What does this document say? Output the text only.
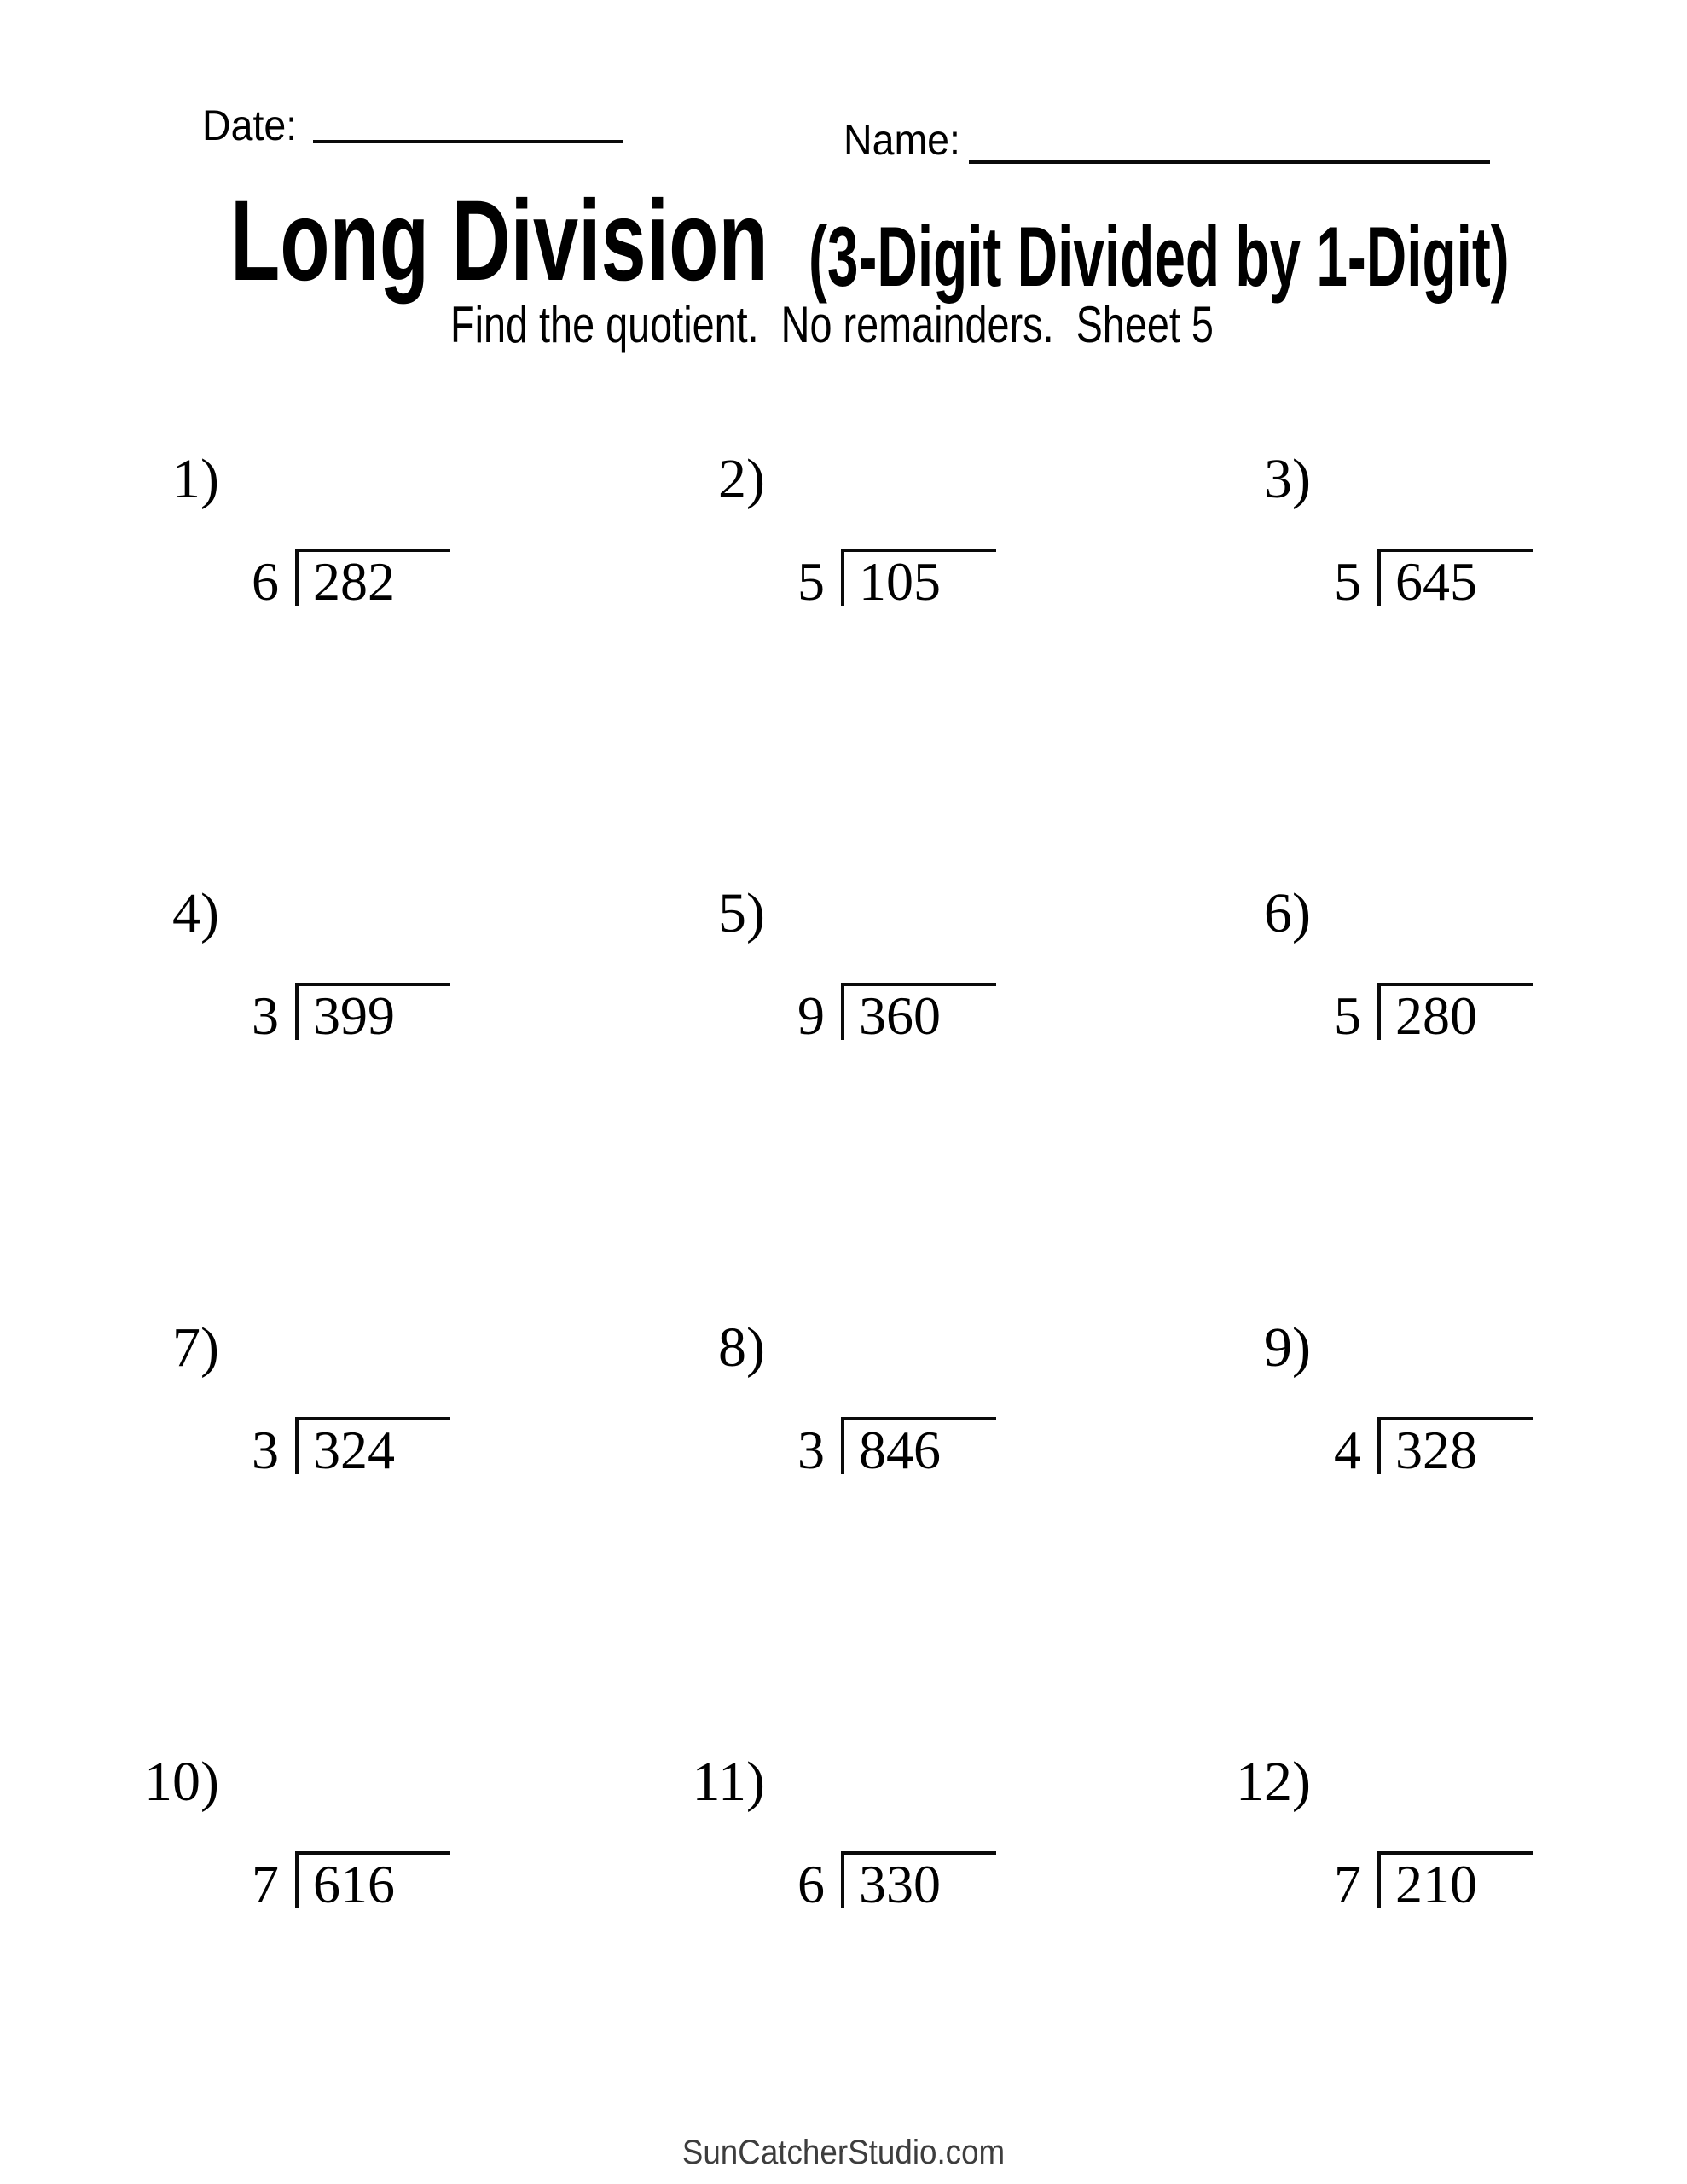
Date:	Name:
Long Division (3-Digit Divided by 1-Digit)
Find the quotient.  No remainders.  Sheet 5
1)
6 282
2)
5 105
3)
5 645
4)
3 399
5)
9 360
6)
5 280
7)
3 324
8)
3 846
9)
4 328
10)
7 616
11)
6 330
12)
7 210
SunCatcherStudio.com
